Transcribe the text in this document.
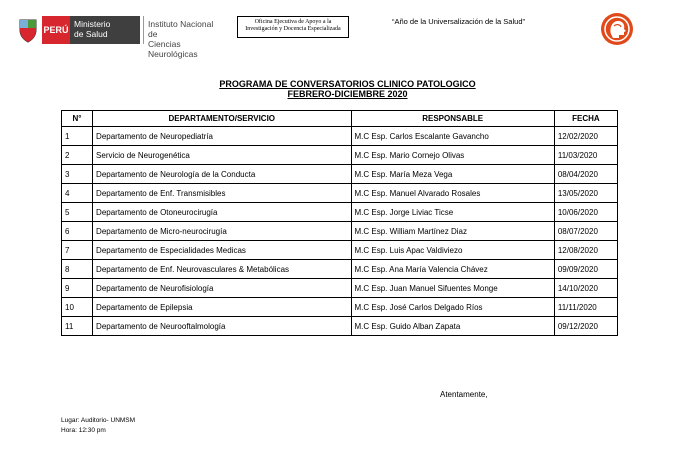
PERÚ
Ministerio
de Salud
Instituto Nacional de
Ciencias Neurológicas
Oficina Ejecutiva de Apoyo a la
Investigación y Docencia Especializada
“Año de la Universalización de la Salud”
PROGRAMA DE CONVERSATORIOS CLINICO PATOLOGICO
FEBRERO-DICIEMBRE 2020
N°	DEPARTAMENTO/SERVICIO	RESPONSABLE	FECHA
1	Departamento de Neuropediatría	M.C Esp. Carlos Escalante Gavancho	12/02/2020
2	Servicio de Neurogenética	M.C Esp. Mario Cornejo Olivas	11/03/2020
3	Departamento de Neurología de la Conducta	M.C Esp. María Meza Vega	08/04/2020
4	Departamento de Enf. Transmisibles	M.C Esp. Manuel Alvarado Rosales	13/05/2020
5	Departamento de Otoneurocirugía	M.C Esp. Jorge Liviac Ticse	10/06/2020
6	Departamento de Micro-neurocirugía	M.C Esp. William Martínez Diaz	08/07/2020
7	Departamento de Especialidades Medicas	M.C Esp. Luis Apac Valdiviezo	12/08/2020
8	Departamento de Enf. Neurovasculares & Metabólicas	M.C Esp. Ana María Valencia Chávez	09/09/2020
9	Departamento de Neurofisiología	M.C Esp. Juan Manuel Sifuentes Monge	14/10/2020
10	Departamento de Epilepsia	M.C Esp. José Carlos Delgado Ríos	11/11/2020
11	Departamento de Neurooftalmología	M.C Esp. Guido Alban Zapata	09/12/2020
Atentamente,
Lugar: Auditorio- UNMSM
Hora: 12:30 pm
